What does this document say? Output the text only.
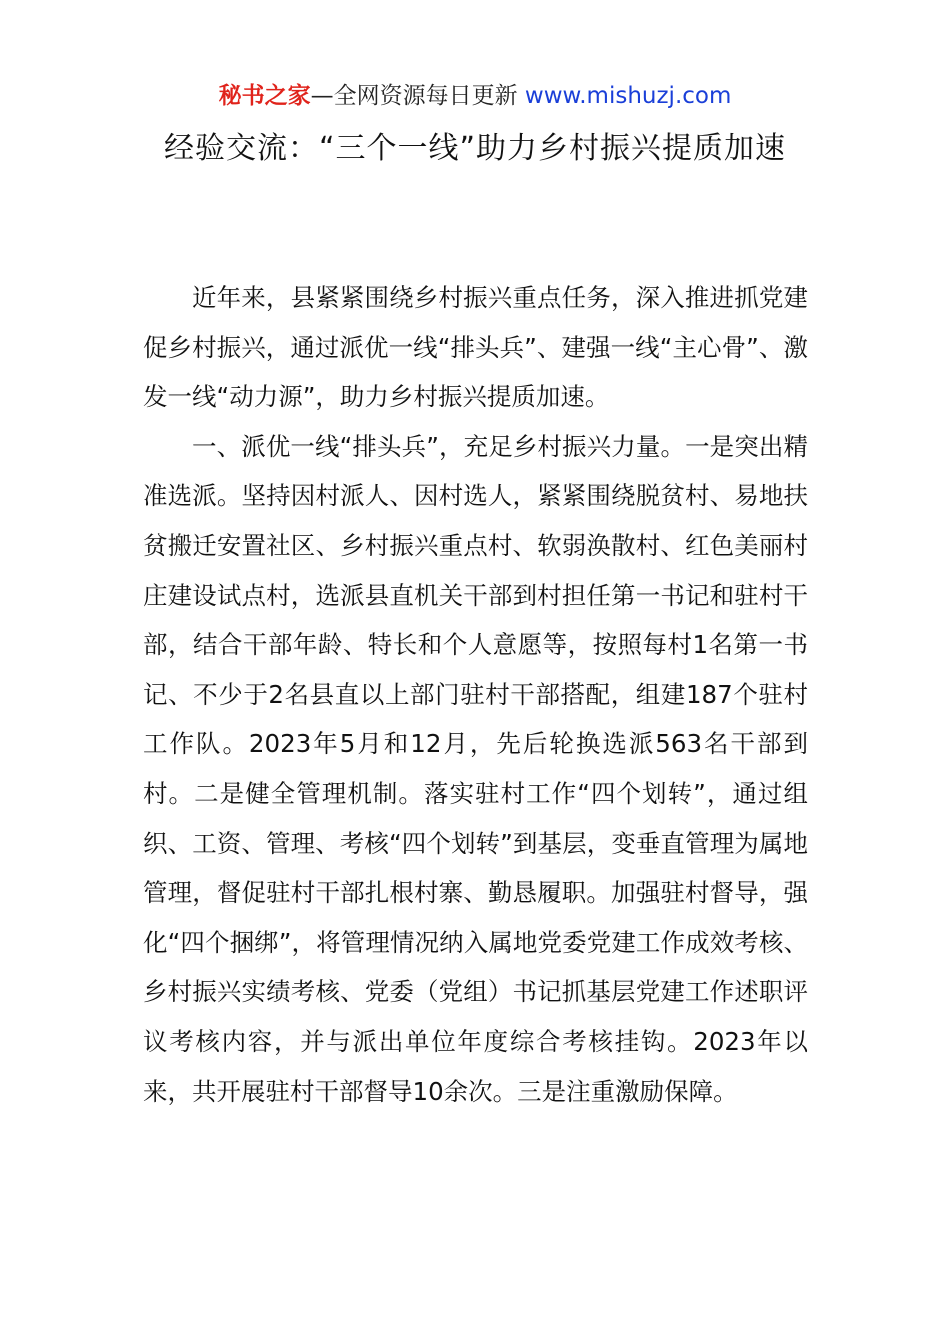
秘书之家—全网资源每日更新 www.mishuzj.com
经验交流：“三个一线”助力乡村振兴提质加速

近年来，县紧紧围绕乡村振兴重点任务，深入推进抓党建促乡村振兴，通过派优一线“排头兵”、建强一线“主心骨”、激发一线“动力源”，助力乡村振兴提质加速。

一、派优一线“排头兵”，充足乡村振兴力量。一是突出精准选派。坚持因村派人、因村选人，紧紧围绕脱贫村、易地扶贫搬迁安置社区、乡村振兴重点村、软弱涣散村、红色美丽村庄建设试点村，选派县直机关干部到村担任第一书记和驻村干部，结合干部年龄、特长和个人意愿等，按照每村1名第一书记、不少于2名县直以上部门驻村干部搭配，组建187个驻村工作队。2023年5月和12月，先后轮换选派563名干部到村。二是健全管理机制。落实驻村工作“四个划转”，通过组织、工资、管理、考核“四个划转”到基层，变垂直管理为属地管理，督促驻村干部扎根村寨、勤恳履职。加强驻村督导，强化“四个捆绑”，将管理情况纳入属地党委党建工作成效考核、乡村振兴实绩考核、党委（党组）书记抓基层党建工作述职评议考核内容，并与派出单位年度综合考核挂钩。2023年以来，共开展驻村干部督导10余次。三是注重激励保障。
